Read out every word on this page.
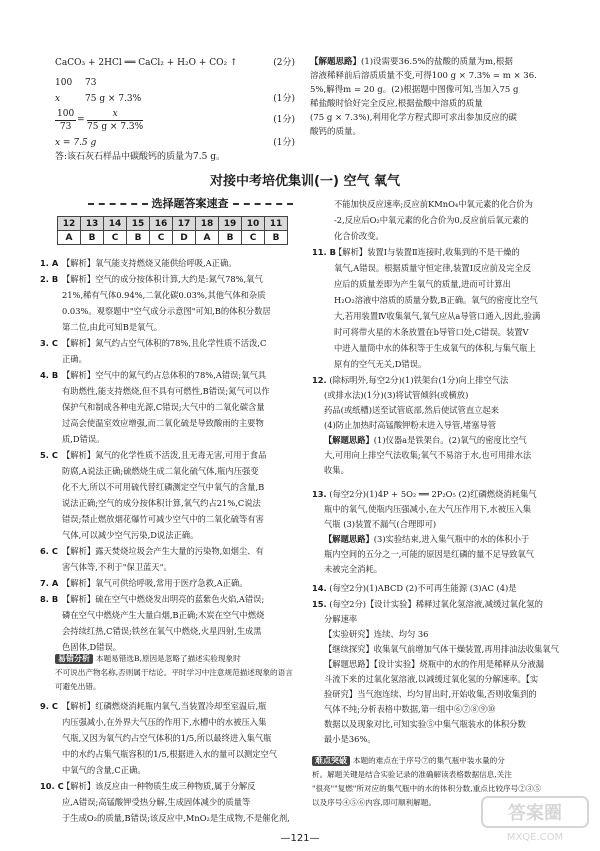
CaCO₃ + 2HCl ══ CaCl₂ + H₂O + CO₂ ↑	(2分)
100 73
x	75 g × 7.3%	(1分)
$\frac{100}{73} = \frac{x}{75 g \times 7.3\%}$	(1分)
x = 7.5 g	(1分)
答:该石灰石样品中碳酸钙的质量为7.5 g。
【解题思路】(1)设需要36.5%的盐酸的质量为m,根据
溶液稀释前后溶质质量不变,可得100 g × 7.3% = m × 36.
5%,解得m = 20 g。(2)根据题中图像可知,当加入75 g
稀盐酸时恰好完全反应,根据盐酸中溶质的质量
(75 g × 7.3%),利用化学方程式即可求出参加反应的碳
酸钙的质量。
对接中考培优集训(一) 空气 氧气
选择题答案速查
12	13	14	15	16	17	18	19	10	11
A	B	C	B	C	D	A	B	C	B
1. A 【解析】氧气能支持燃烧又能供给呼吸,A正确。
2. B 【解析】空气的成分按体积计算,大约是:氮气78%,氧气
21%,稀有气体0.94%,二氧化碳0.03%,其他气体和杂质
0.03%。观察题中"空气成分示意图"可知,B的体积分数居
第二位,由此可知B是氧气。
3. C 【解析】氮气约占空气体积的78%,且化学性质不活泼,C
正确。
4. B 【解析】空气中的氮气约占总体积的78%,A错误;氧气具
有助燃性,能支持燃烧,但不具有可燃性,B错误;氮气可以作
保护气和制成各种电光源,C错误;大气中的二氧化碳含量
过高会使温室效应增强,而二氧化硫是导致酸雨的主要物
质,D错误。
5. C 【解析】氮气的化学性质不活泼,且无毒无害,可用于食品
防腐,A说法正确;硫燃烧生成二氧化硫气体,瓶内压强变
化不大,所以不可用硫代替红磷测定空气中氧气的含量,B
说法正确;空气的成分按体积计算,氧气约占21%,C说法
错误;禁止燃放烟花爆竹可减少空气中的二氧化硫等有害
气体,可以减少空气污染,D说法正确。
6. C 【解析】露天焚烧垃圾会产生大量的污染物,如烟尘、有
害气体等,不利于"保卫蓝天"。
7. A 【解析】氧气可供给呼吸,常用于医疗急救,A正确。
8. B 【解析】硫在空气中燃烧发出明亮的蓝紫色火焰,A错误;
磷在空气中燃烧产生大量白烟,B正确;木炭在空气中燃烧
会持续红热,C错误;铁丝在氧气中燃烧,火星四射,生成黑
色固体,D错误。
易错分析 本题易错选B,原因是忽略了描述实验现象时
不可说出产物名称,否则属于结论。平时学习中注意规范描述现象的语言
可避免出错。
9. C 【解析】红磷燃烧消耗瓶内氧气,当装置冷却至室温后,瓶
内压强减小,在外界大气压的作用下,水槽中的水被压入集
气瓶,又因为氧气约占空气体积的1/5,所以最终进入集气瓶
中的水约占集气瓶容积的1/5,根据进入水的量可以测定空气
中氧气的含量,C正确。
10. C【解析】该反应由一种物质生成三种物质,属于分解反
应,A错误;高锰酸钾受热分解,生成固体减少的质量等
于生成O₂的质量,B错误;该反应中,MnO₂是生成物,不是催化剂,
不能加快反应速率;反应前KMnO₄中氧元素的化合价为
-2,反应后O₂中氧元素的化合价为0,反应前后氧元素的
化合价改变。
11. B【解析】装置Ⅰ与装置Ⅱ连接时,收集到的不是干燥的
氧气,A错误。根据质量守恒定律,装置Ⅰ反应前及完全反
应后的质量差即为产生氧气的质量,进而可计算出
H₂O₂溶液中溶质的质量分数,B正确。氧气的密度比空气
大,若用装置Ⅳ收集氧气,氧气应从a导管口通入,因此,验满
时可将带火星的木条放置在b导管口处,C错误。装置Ⅴ
中进入量筒中水的体积等于生成氧气的体积,与集气瓶上
原有的空气无关,D错误。
12. (除标明外,每空2分)(1)铁架台(1分)向上排空气法
(或排水法)(1分)(3)将试管倾斜(或横放)
药品(或纸槽)送至试管底部,然后使试管直立起来
(4)防止加热时高锰酸钾粉末进入导管,堵塞导管
【解题思路】(1)仪器a是铁架台。(2)氧气的密度比空气
大,可用向上排空气法收集;氧气不易溶于水,也可用排水法
收集。
13. (每空2分)(1)4P + 5O₂ ══ 2P₂O₅ (2)红磷燃烧消耗集气
瓶中的氧气,使瓶内压强减小,在大气压作用下,水被压入集
气瓶 (3)装置不漏气(合理即可)
【解题思路】(3)实验结束,进入集气瓶中的水的体积小于
瓶内空间的五分之一,可能的原因是红磷的量不足导致氧气
未被完全消耗。
14. (每空2分)(1)ABCD (2)不可再生能源 (3)AC (4)是
15. (每空2分)【设计实验】稀释过氧化氢溶液,减缓过氧化氢的
分解速率
【实验研究】连续、均匀 36
【继续探究】收集氧气前增加气体干燥装置,再用排油法收集氧气
【解题思路】【设计实验】烧瓶中的水的作用是稀释从分液漏
斗流下来的过氧化氢溶液,以减缓过氧化氢的分解速率。【实
验研究】当气泡连续、均匀冒出时,开始收集,否则收集到的
气体不纯;分析表格中数据,第一组中⑥⑦⑧⑨⑩
数据以及现象对比,可知实验⑤中集气瓶装水的体积分数
最小是36%。
难点突破 本题的难点在于序号⑦的集气瓶中装水量的分
析。解题关键是结合实验记录的准确解读表格数据信息,关注
"很亮""复燃"所对应的集气瓶中的水的体积分数,重点比较序号②③⑤
以及序号④⑤⑥内容,即可顺利解题。
—121—
答案圈
MXQE.COM
